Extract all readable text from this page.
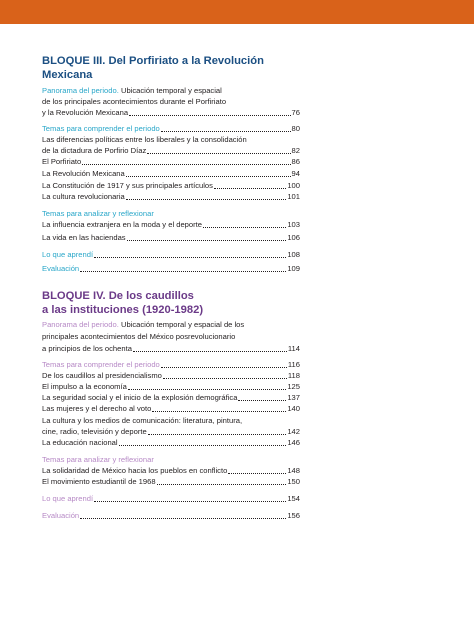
BLOQUE III. Del Porfiriato a la Revolución
Mexicana
Panorama del periodo. Ubicación temporal y espacial
de los principales acontecimientos durante el Porfiriato
y la Revolución Mexicana	76
Temas para comprender el periodo	80
Las diferencias políticas entre los liberales y la consolidación
de la dictadura de Porfirio Díaz	82
El Porfiriato	86
La Revolución Mexicana	94
La Constitución de 1917 y sus principales artículos	100
La cultura revolucionaria	101
Temas para analizar y reflexionar
La influencia extranjera en la moda y el deporte	103
La vida en las haciendas	106
Lo que aprendí	108
Evaluación	109
BLOQUE IV. De los caudillos
a las instituciones (1920-1982)
Panorama del periodo. Ubicación temporal y espacial de los
principales acontecimientos del México posrevolucionario
a principios de los ochenta	114
Temas para comprender el periodo	116
De los caudillos al presidencialismo	118
El impulso a la economía	125
La seguridad social y el inicio de la explosión demográfica	137
Las mujeres y el derecho al voto	140
La cultura y los medios de comunicación: literatura, pintura,
cine, radio, televisión y deporte	142
La educación nacional	146
Temas para analizar y reflexionar
La solidaridad de México hacia los pueblos en conflicto	148
El movimiento estudiantil de 1968	150
Lo que aprendí	154
Evaluación	156
